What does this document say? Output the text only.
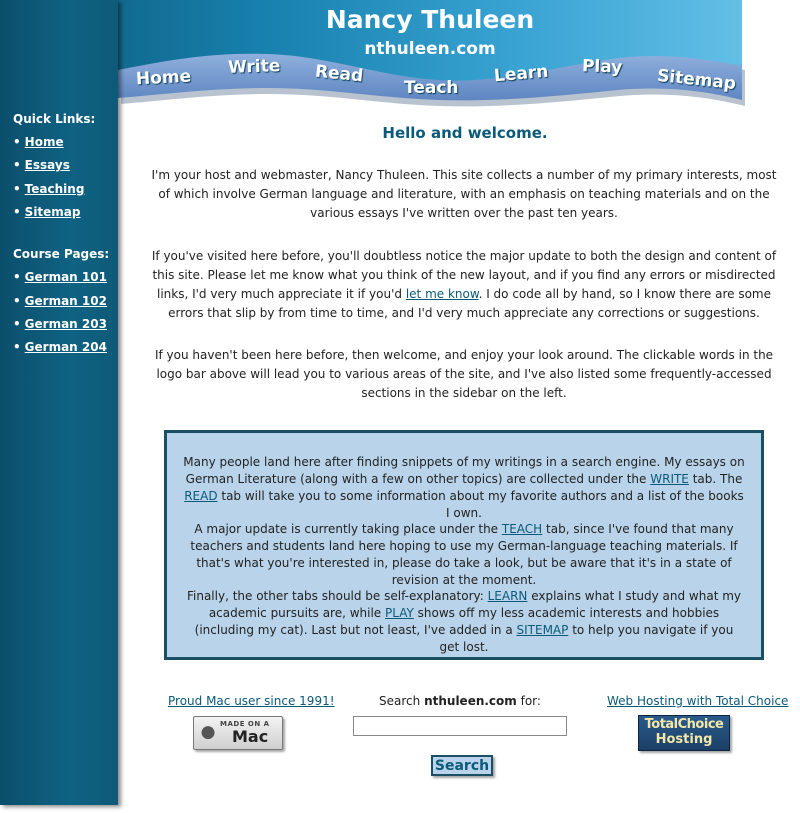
Nancy Thuleen
nthuleen.com
Home Write Read
Teach
Learn Play Sitemap
Quick Links:
• Home
• Essays
• Teaching
• Sitemap
Course Pages:
• German 101
• German 102
• German 203
• German 204
Hello and welcome.
I'm your host and webmaster, Nancy Thuleen. This site collects a number of my primary interests, most of which involve German language and literature, with an emphasis on teaching materials and on the various essays I've written over the past ten years.
If you've visited here before, you'll doubtless notice the major update to both the design and content of this site. Please let me know what you think of the new layout, and if you find any errors or misdirected links, I'd very much appreciate it if you'd let me know. I do code all by hand, so I know there are some errors that slip by from time to time, and I'd very much appreciate any corrections or suggestions.
If you haven't been here before, then welcome, and enjoy your look around. The clickable words in the logo bar above will lead you to various areas of the site, and I've also listed some frequently-accessed sections in the sidebar on the left.
Many people land here after finding snippets of my writings in a search engine. My essays on German Literature (along with a few on other topics) are collected under the WRITE tab. The READ tab will take you to some information about my favorite authors and a list of the books I own.
A major update is currently taking place under the TEACH tab, since I've found that many teachers and students land here hoping to use my German-language teaching materials. If that's what you're interested in, please do take a look, but be aware that it's in a state of revision at the moment.
Finally, the other tabs should be self-explanatory: LEARN explains what I study and what my academic pursuits are, while PLAY shows off my less academic interests and hobbies (including my cat). Last but not least, I've added in a SITEMAP to help you navigate if you get lost.
Proud Mac user since 1991!
● MADE ON A
Mac
Search nthuleen.com for:
Search
Web Hosting with Total Choice
TotalChoice
Hosting
